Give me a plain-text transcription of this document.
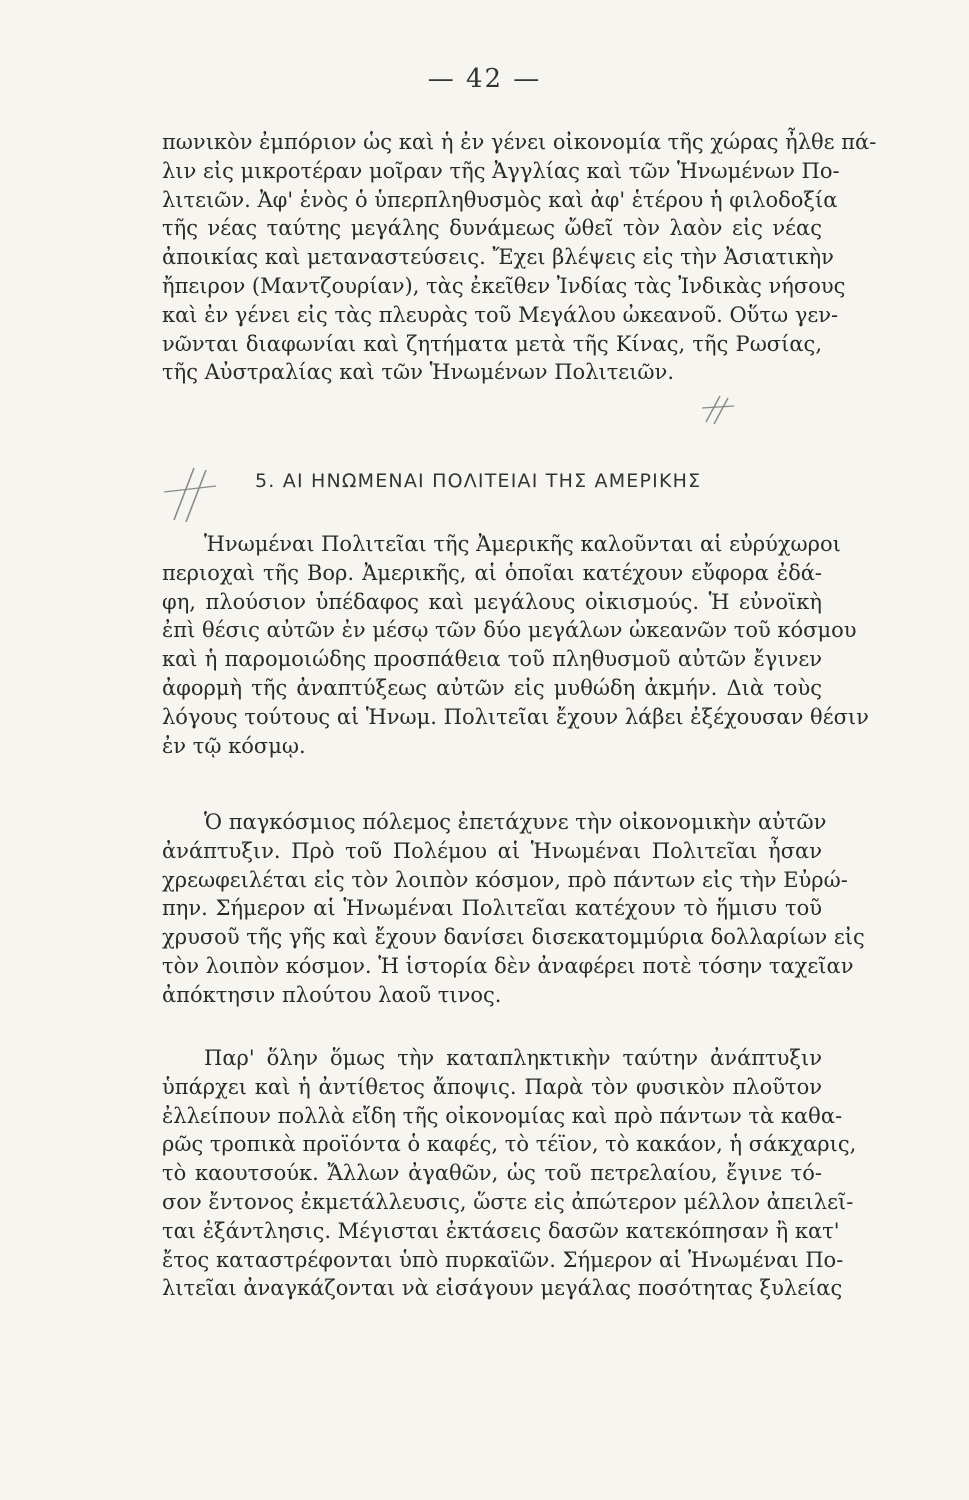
— 42 —
πωνικὸν ἐμπόριον ὡς καὶ ἡ ἐν γένει οἰκονομία τῆς χώρας ἦλθε πά-
λιν εἰς μικροτέραν μοῖραν τῆς Ἀγγλίας καὶ τῶν Ἡνωμένων Πο-
λιτειῶν. Ἀφ' ἑνὸς ὁ ὑπερπληθυσμὸς καὶ ἀφ' ἑτέρου ἡ φιλοδοξία
τῆς νέας ταύτης μεγάλης δυνάμεως ὤθεῖ τὸν λαὸν εἰς νέας
ἀποικίας καὶ μεταναστεύσεις. Ἔχει βλέψεις εἰς τὴν Ἀσιατικὴν
ἤπειρον (Μαντζουρίαν), τὰς ἐκεῖθεν Ἰνδίας τὰς Ἰνδικὰς νήσους
καὶ ἐν γένει εἰς τὰς πλευρὰς τοῦ Μεγάλου ὠκεανοῦ. Οὕτω γεν-
νῶνται διαφωνίαι καὶ ζητήματα μετὰ τῆς Κίνας, τῆς Ρωσίας,
τῆς Αὐστραλίας καὶ τῶν Ἡνωμένων Πολιτειῶν.
5. ΑΙ ΗΝΩΜΕΝΑΙ ΠΟΛΙΤΕΙΑΙ ΤΗΣ ΑΜΕΡΙΚΗΣ
Ἡνωμέναι Πολιτεῖαι τῆς Ἀμερικῆς καλοῦνται αἱ εὐρύχωροι
περιοχαὶ τῆς Βορ. Ἀμερικῆς, αἱ ὁποῖαι κατέχουν εὔφορα ἐδά-
φη, πλούσιον ὑπέδαφος καὶ μεγάλους οἰκισμούς. Ἡ εὐνοϊκὴ
ἐπὶ θέσις αὐτῶν ἐν μέσῳ τῶν δύο μεγάλων ὠκεανῶν τοῦ κόσμου
καὶ ἡ παρομοιώδης προσπάθεια τοῦ πληθυσμοῦ αὐτῶν ἔγινεν
ἀφορμὴ τῆς ἀναπτύξεως αὐτῶν εἰς μυθώδη ἀκμήν. Διὰ τοὺς
λόγους τούτους αἱ Ἡνωμ. Πολιτεῖαι ἔχουν λάβει ἐξέχουσαν θέσιν
ἐν τῷ κόσμῳ.
Ὁ παγκόσμιος πόλεμος ἐπετάχυνε τὴν οἰκονομικὴν αὐτῶν
ἀνάπτυξιν. Πρὸ τοῦ Πολέμου αἱ Ἡνωμέναι Πολιτεῖαι ἦσαν
χρεωφειλέται εἰς τὸν λοιπὸν κόσμον, πρὸ πάντων εἰς τὴν Εὐρώ-
πην. Σήμερον αἱ Ἡνωμέναι Πολιτεῖαι κατέχουν τὸ ἥμισυ τοῦ
χρυσοῦ τῆς γῆς καὶ ἔχουν δανίσει δισεκατομμύρια δολλαρίων εἰς
τὸν λοιπὸν κόσμον. Ἡ ἱστορία δὲν ἀναφέρει ποτὲ τόσην ταχεῖαν
ἀπόκτησιν πλούτου λαοῦ τινος.
Παρ' ὅλην ὅμως τὴν καταπληκτικὴν ταύτην ἀνάπτυξιν
ὑπάρχει καὶ ἡ ἀντίθετος ἄποψις. Παρὰ τὸν φυσικὸν πλοῦτον
ἐλλείπουν πολλὰ εἴδη τῆς οἰκονομίας καὶ πρὸ πάντων τὰ καθα-
ρῶς τροπικὰ προϊόντα ὁ καφές, τὸ τέϊον, τὸ κακάον, ἡ σάκχαρις,
τὸ καουτσούκ. Ἄλλων ἀγαθῶν, ὡς τοῦ πετρελαίου, ἔγινε τό-
σον ἔντονος ἐκμετάλλευσις, ὥστε εἰς ἀπώτερον μέλλον ἀπειλεῖ-
ται ἐξάντλησις. Μέγισται ἐκτάσεις δασῶν κατεκόπησαν ἢ κατ'
ἔτος καταστρέφονται ὑπὸ πυρκαϊῶν. Σήμερον αἱ Ἡνωμέναι Πο-
λιτεῖαι ἀναγκάζονται νὰ εἰσάγουν μεγάλας ποσότητας ξυλείας
